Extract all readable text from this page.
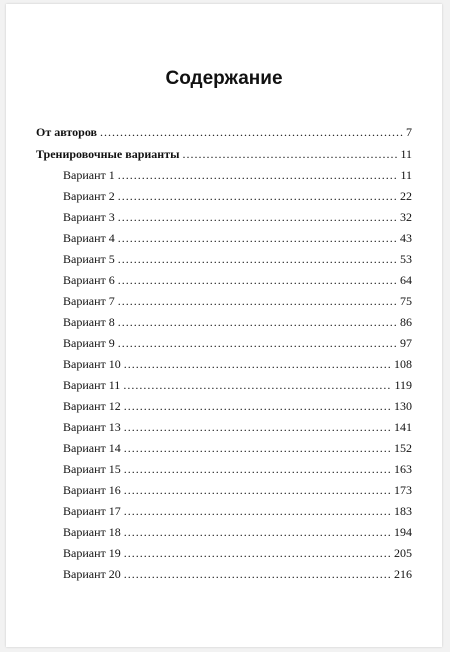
Содержание
От авторов .....	7
Тренировочные варианты .....	11
Вариант 1 .....	11
Вариант 2 .....	22
Вариант 3 .....	32
Вариант 4 .....	43
Вариант 5 .....	53
Вариант 6 .....	64
Вариант 7 .....	75
Вариант 8 .....	86
Вариант 9 .....	97
Вариант 10 .....	108
Вариант 11 .....	119
Вариант 12 .....	130
Вариант 13 .....	141
Вариант 14 .....	152
Вариант 15 .....	163
Вариант 16 .....	173
Вариант 17 .....	183
Вариант 18 .....	194
Вариант 19 .....	205
Вариант 20 .....	216
